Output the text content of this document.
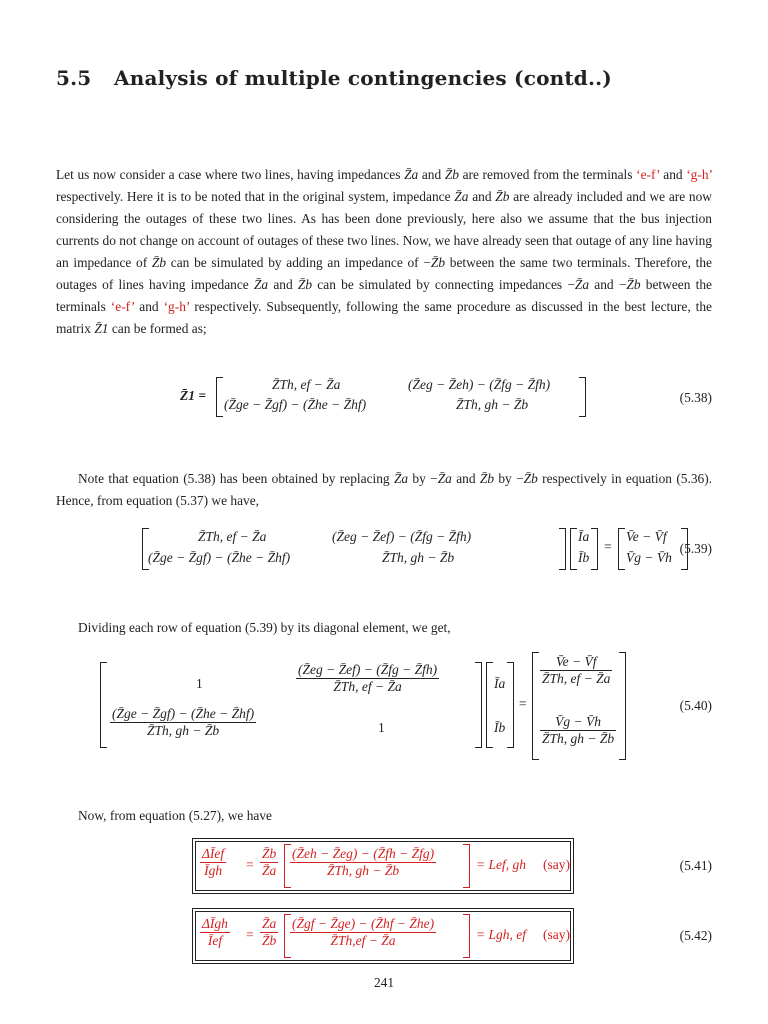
5.5 Analysis of multiple contingencies (contd..)
Let us now consider a case where two lines, having impedances Z̄a and Z̄b are removed from the terminals ‘e-f’ and ‘g-h’ respectively. Here it is to be noted that in the original system, impedance Z̄a and Z̄b are already included and we are now considering the outages of these two lines. As has been done previously, here also we assume that the bus injection currents do not change on account of outages of these two lines. Now, we have already seen that outage of any line having an impedance of Z̄b can be simulated by adding an impedance of −Z̄b between the same two terminals. Therefore, the outages of lines having impedance Z̄a and Z̄b can be simulated by connecting impedances −Z̄a and −Z̄b between the terminals ‘e-f’ and ‘g-h’ respectively. Subsequently, following the same procedure as discussed in the best lecture, the matrix Z̄1 can be formed as;
Z̄1 =
Z̄Th, ef − Z̄a	(Z̄eg − Z̄eh) − (Z̄fg − Z̄fh)
(Z̄ge − Z̄gf) − (Z̄he − Z̄hf)	Z̄Th, gh − Z̄b	(5.38)
Note that equation (5.38) has been obtained by replacing Z̄a by −Z̄a and Z̄b by −Z̄b respectively in equation (5.36). Hence, from equation (5.37) we have,
Z̄Th, ef − Z̄a	(Z̄eg − Z̄ef) − (Z̄fg − Z̄fh)
(Z̄ge − Z̄gf) − (Z̄he − Z̄hf)	Z̄Th, gh − Z̄b
Īa
Īb
=
V̄e − V̄f
V̄g − V̄h
(5.39)
Dividing each row of equation (5.39) by its diagonal element, we get,
1	$\frac{(Z̄eg - Z̄ef) - (Z̄fg - Z̄fh)}{Z̄Th, ef - Z̄a}$
$\frac{(Z̄ge - Z̄gf) - (Z̄he - Z̄hf)}{Z̄Th, gh - Z̄b}$	1
Īa
Īb
=
$\frac{V̄e - V̄f}{Z̄Th, ef - Z̄a}$
$\frac{V̄g - V̄h}{Z̄Th, gh - Z̄b}$
(5.40)
Now, from equation (5.27), we have
$\frac{\text{ΔĪef}}{\text{Īgh}} = \frac{Z̄b}{Z̄a} \frac{(Z̄eh - Z̄eg) - (Z̄fh - Z̄fg)}{Z̄Th, gh - Z̄b}$	= Lef, gh (say)	(5.41)
$\frac{\text{ΔĪgh}}{\text{Īef}} = \frac{Z̄a}{Z̄b} \frac{(Z̄gf - Z̄ge) - (Z̄hf - Z̄he)}{Z̄Th,ef - Z̄a}$	= Lgh, ef (say)	(5.42)
241
